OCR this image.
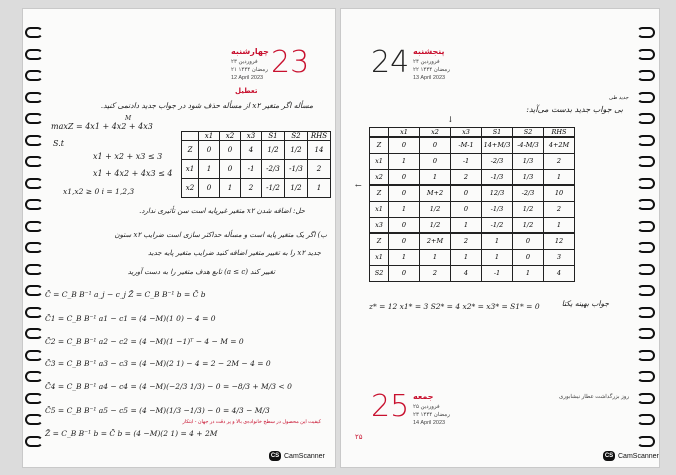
23
چهارشنبه
۲۳ فروردین
۲۱ رمضان ۱۴۴۴
12 April 2023
تعطیل
مسأله اگر متغیر x۲ از مسأله حذف شود در جواب جدید دادنمی کنید.
M
maxZ = 4x1 + 4x2 + 4x3
S.t
x1 + x2 + x3 ≤ 3
x1 + 4x2 + 4x3 ≤ 4
x1,x2 ≥ 0 i = 1,2,3
	x1	x2	x3	S1	S2	RHS
Z	0	0	4	1/2	1/2	14
x1	1	0	-1	-2/3	-1/3	2
x2	0	1	2	-1/2	1/2	1
حل: اضافه شدن x۲ متغیر غیرپایه است سن تأثیری ندارد.
ب) اگر یک متغیر پایه است و مسأله حداکثر سازی است ضرایب x۲ ستون
جدید x۲ را به تغییر متغیر اضافه کنید ضرایب متغیر پایه جدید
تغییر کند (a ≤ c) تابع هدف متغیر را به دست آورید
C̄ = C_B B⁻¹ a_j − c_j Z̄ = C_B B⁻¹ b = C̄ b
C̄1 = C_B B⁻¹ a1 − c1 = (4 −M)(1 0) − 4 = 0
C̄2 = C_B B⁻¹ a2 − c2 = (4 −M)(1 −1)ᵀ − 4 − M = 0
C̄3 = C_B B⁻¹ a3 − c3 = (4 −M)(2 1) − 4 = 2 − 2M − 4 = 0
C̄4 = C_B B⁻¹ a4 − c4 = (4 −M)(−2/3 1/3) − 0 = −8/3 + M/3 < 0
C̄5 = C_B B⁻¹ a5 − c5 = (4 −M)(1/3 −1/3) − 0 = 4/3 − M/3
Z̄ = C_B B⁻¹ b = C̄ b = (4 −M)(2 1) = 4 + 2M
کیفیت این محصول در سطح خانواده‌ی بالا و پر دقت در جهان - ابتکار
CS CamScanner
24 پنجشنبه
۲۴ فروردین
۲۲ رمضان ۱۴۴۴
13 April 2023
جدید طی
بی جواب جدید بدست می‌آید:
↓
←
	x1	x2	x3	S1	S2	RHS
Z	0	0	-M-1	14+M/3	-4-M/3	4+2M
x1	1	0	-1	-2/3	1/3	2
x2	0	1	2	-1/3	1/3	1
Z	0	M+2	0	12/3	-2/3	10
x1	1	1/2	0	-1/3	1/2	2
x3	0	1/2	1	-1/2	1/2	1
Z	0	2+M	2	1	0	12
x1	1	1	1	1	0	3
S2	0	2	4	-1	1	4
z* = 12 x1* = 3 S2* = 4 x2* = x3* = S1* = 0	جواب بهینه یکتا
25 جمعه
۲۵ فروردین
۲۳ رمضان ۱۴۴۴
14 April 2023
روز بزرگداشت عطار نیشابوری
۲۵
CS CamScanner
